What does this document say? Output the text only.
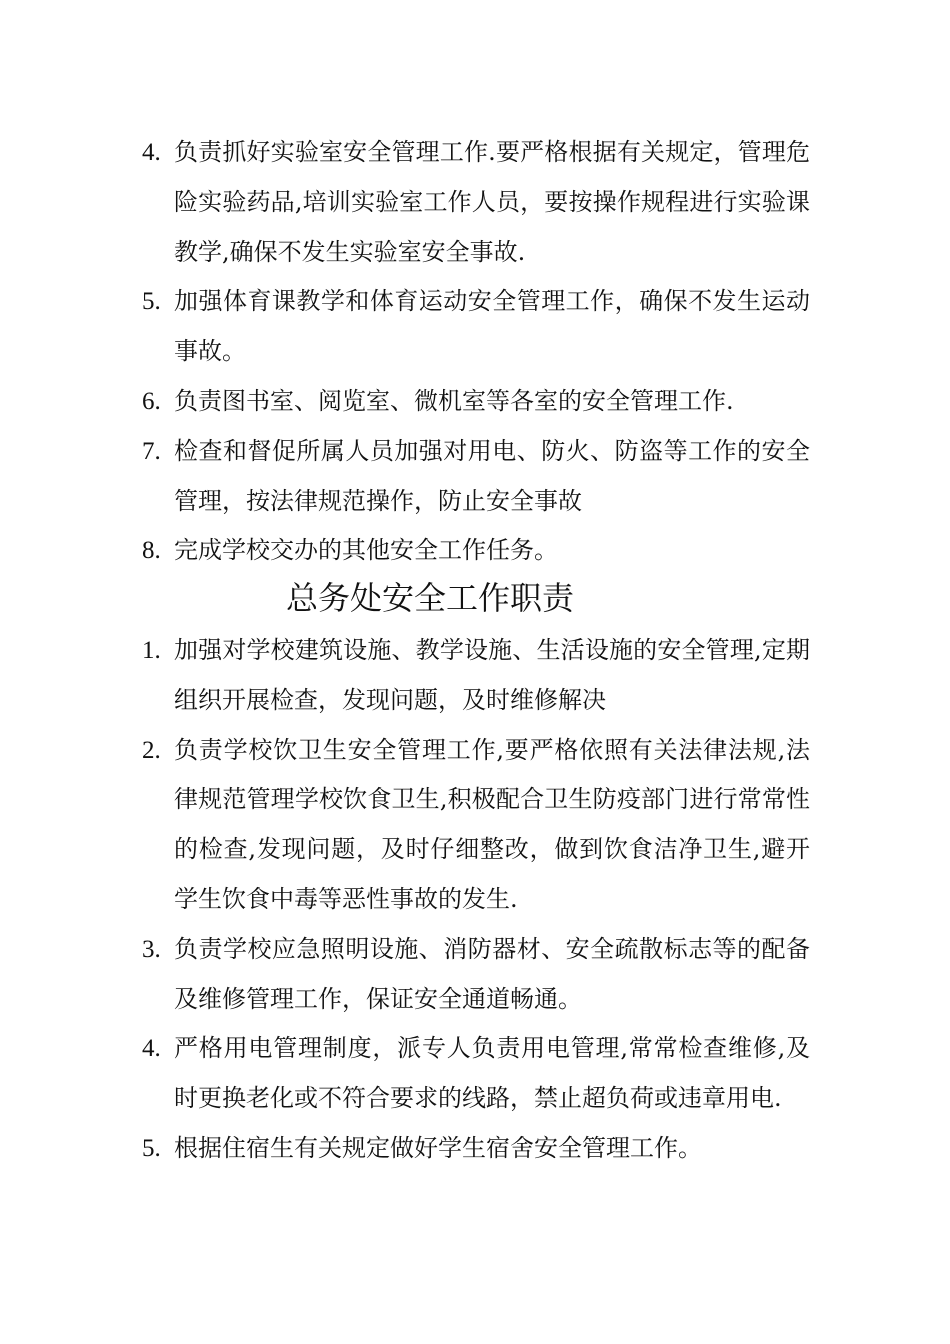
4. 负责抓好实验室安全管理工作.要严格根据有关规定，管理危险实验药品,培训实验室工作人员，要按操作规程进行实验课教学,确保不发生实验室安全事故.
5. 加强体育课教学和体育运动安全管理工作，确保不发生运动事故。
6. 负责图书室、阅览室、微机室等各室的安全管理工作.
7. 检查和督促所属人员加强对用电、防火、防盗等工作的安全管理，按法律规范操作，防止安全事故
8. 完成学校交办的其他安全工作任务。
总务处安全工作职责
1. 加强对学校建筑设施、教学设施、生活设施的安全管理,定期组织开展检查，发现问题，及时维修解决
2. 负责学校饮卫生安全管理工作,要严格依照有关法律法规,法律规范管理学校饮食卫生,积极配合卫生防疫部门进行常常性的检查,发现问题，及时仔细整改，做到饮食洁净卫生,避开学生饮食中毒等恶性事故的发生.
3. 负责学校应急照明设施、消防器材、安全疏散标志等的配备及维修管理工作，保证安全通道畅通。
4. 严格用电管理制度，派专人负责用电管理,常常检查维修,及时更换老化或不符合要求的线路，禁止超负荷或违章用电.
5. 根据住宿生有关规定做好学生宿舍安全管理工作。
